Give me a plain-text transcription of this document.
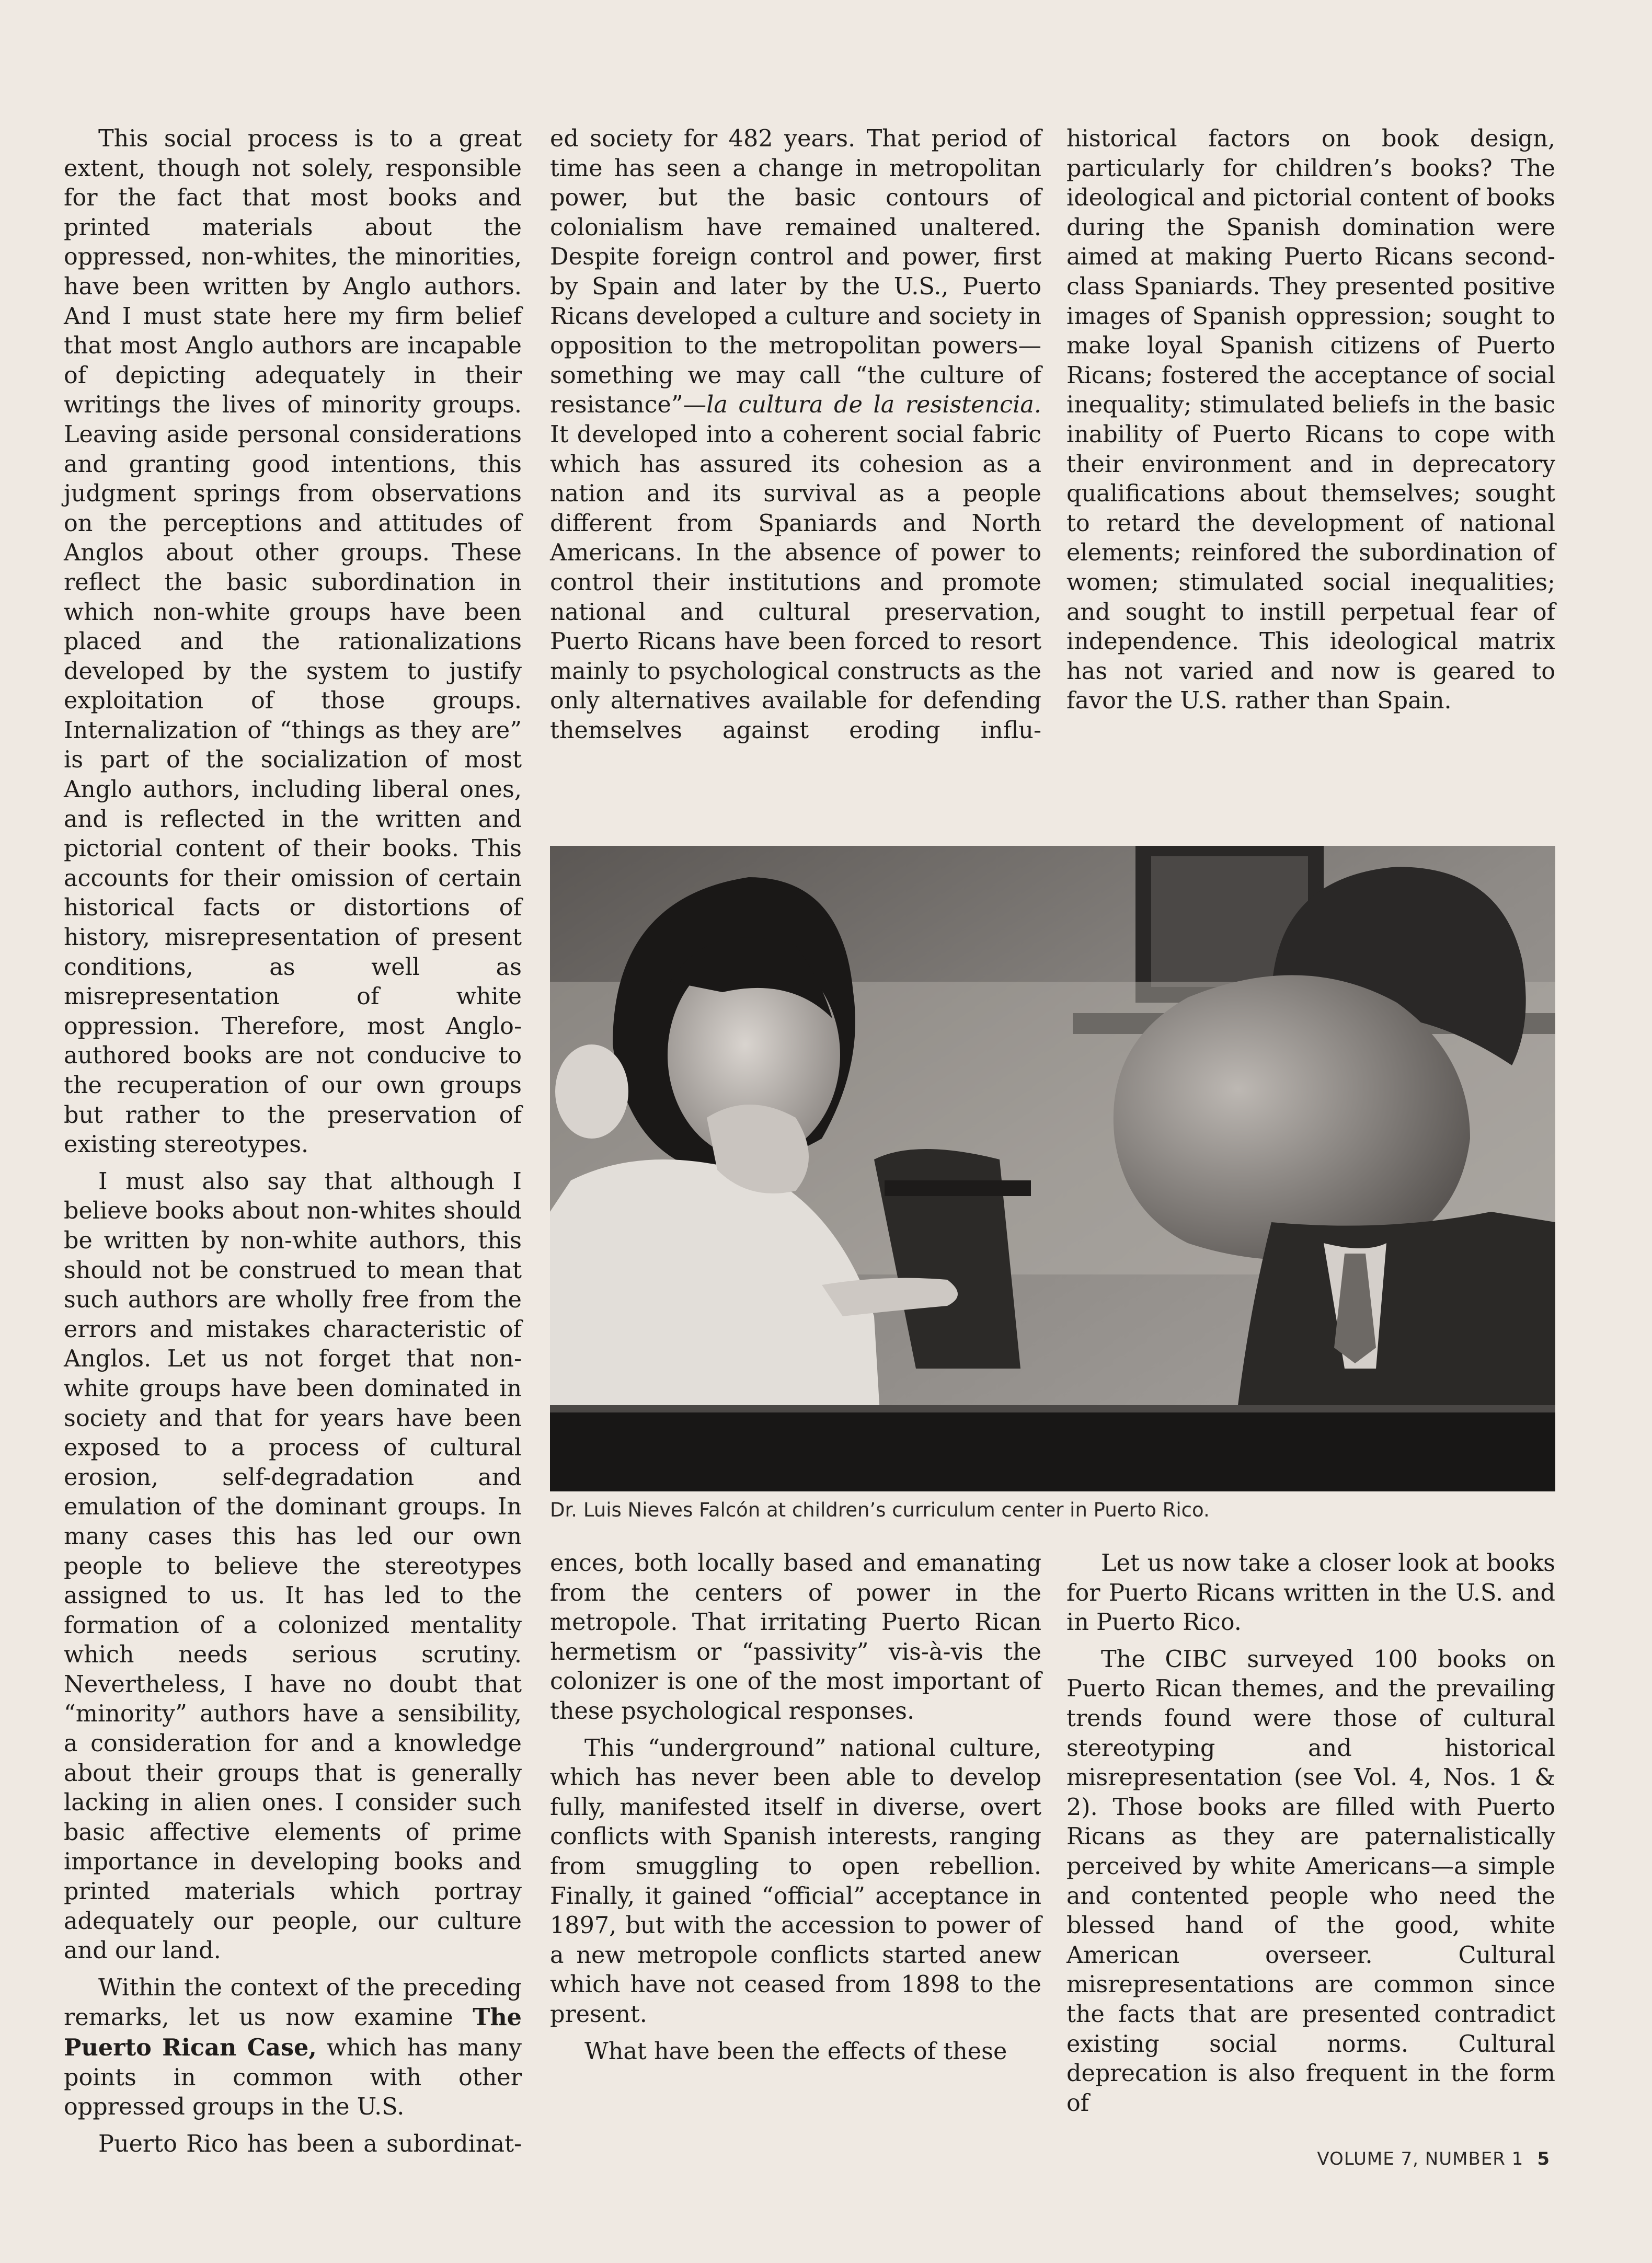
This social process is to a great extent, though not solely, responsible for the fact that most books and printed materials about the oppressed, non-whites, the minorities, have been written by Anglo authors. And I must state here my firm belief that most Anglo authors are incapable of depicting adequately in their writings the lives of minority groups. Leaving aside personal considerations and granting good intentions, this judgment springs from observations on the perceptions and attitudes of Anglos about other groups. These reflect the basic subordination in which non-white groups have been placed and the rationalizations developed by the system to justify exploitation of those groups. Internalization of “things as they are” is part of the socialization of most Anglo authors, including liberal ones, and is reflected in the written and pictorial content of their books. This accounts for their omission of certain historical facts or distortions of history, misrepresentation of present conditions, as well as misrepresentation of white oppression. Therefore, most Anglo-authored books are not conducive to the recuperation of our own groups but rather to the preservation of existing stereotypes.

I must also say that although I believe books about non-whites should be written by non-white authors, this should not be construed to mean that such authors are wholly free from the errors and mistakes characteristic of Anglos. Let us not forget that non-white groups have been dominated in society and that for years have been exposed to a process of cultural erosion, self-degradation and emulation of the dominant groups. In many cases this has led our own people to believe the stereotypes assigned to us. It has led to the formation of a colonized mentality which needs serious scrutiny. Nevertheless, I have no doubt that “minority” authors have a sensibility, a consideration for and a knowledge about their groups that is generally lacking in alien ones. I consider such basic affective elements of prime importance in developing books and printed materials which portray adequately our people, our culture and our land.

Within the context of the preceding remarks, let us now examine The Puerto Rican Case, which has many points in common with other oppressed groups in the U.S.

Puerto Rico has been a subordinat-

ed society for 482 years. That period of time has seen a change in metropolitan power, but the basic contours of colonialism have remained unaltered. Despite foreign control and power, first by Spain and later by the U.S., Puerto Ricans developed a culture and society in opposition to the metropolitan powers—something we may call “the culture of resistance”—la cultura de la resistencia. It developed into a coherent social fabric which has assured its cohesion as a nation and its survival as a people different from Spaniards and North Americans. In the absence of power to control their institutions and promote national and cultural preservation, Puerto Ricans have been forced to resort mainly to psychological constructs as the only alternatives available for defending themselves against eroding influ-

historical factors on book design, particularly for children’s books? The ideological and pictorial content of books during the Spanish domination were aimed at making Puerto Ricans second-class Spaniards. They presented positive images of Spanish oppression; sought to make loyal Spanish citizens of Puerto Ricans; fostered the acceptance of social inequality; stimulated beliefs in the basic inability of Puerto Ricans to cope with their environment and in deprecatory qualifications about themselves; sought to retard the development of national elements; reinfored the subordination of women; stimulated social inequalities; and sought to instill perpetual fear of independence. This ideological matrix has not varied and now is geared to favor the U.S. rather than Spain.

Dr. Luis Nieves Falcón at children’s curriculum center in Puerto Rico.

ences, both locally based and emanating from the centers of power in the metropole. That irritating Puerto Rican hermetism or “passivity” vis-à-vis the colonizer is one of the most important of these psychological responses.

This “underground” national culture, which has never been able to develop fully, manifested itself in diverse, overt conflicts with Spanish interests, ranging from smuggling to open rebellion. Finally, it gained “official” acceptance in 1897, but with the accession to power of a new metropole conflicts started anew which have not ceased from 1898 to the present.

What have been the effects of these

Let us now take a closer look at books for Puerto Ricans written in the U.S. and in Puerto Rico.

The CIBC surveyed 100 books on Puerto Rican themes, and the prevailing trends found were those of cultural stereotyping and historical misrepresentation (see Vol. 4, Nos. 1 & 2). Those books are filled with Puerto Ricans as they are paternalistically perceived by white Americans—a simple and contented people who need the blessed hand of the good, white American overseer. Cultural misrepresentations are common since the facts that are presented contradict existing social norms. Cultural deprecation is also frequent in the form of

VOLUME 7, NUMBER 1 5
